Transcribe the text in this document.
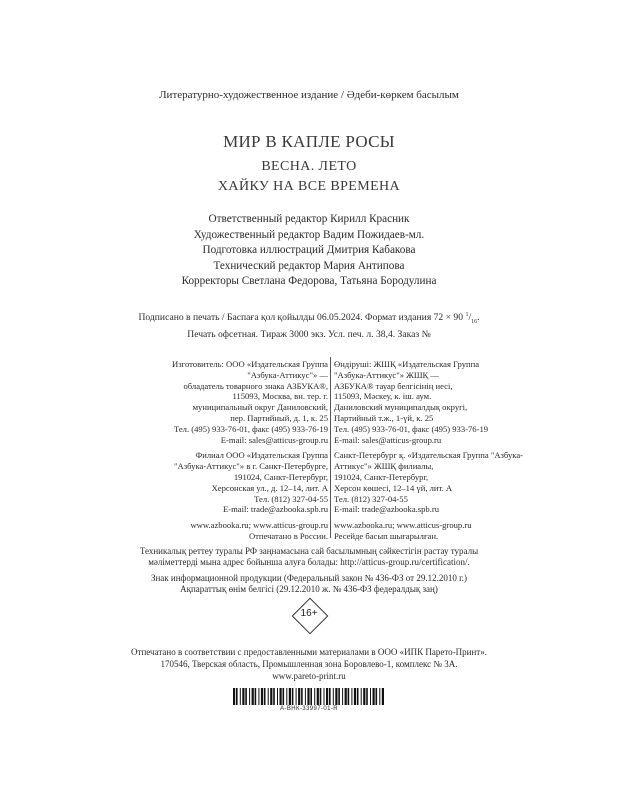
Литературно-художественное издание / Әдеби-көркем басылым
МИР В КАПЛЕ РОСЫ
ВЕСНА. ЛЕТО
ХАЙКУ НА ВСЕ ВРЕМЕНА
Ответственный редактор Кирилл Красник
Художественный редактор Вадим Пожидаев-мл.
Подготовка иллюстраций Дмитрия Кабакова
Технический редактор Мария Антипова
Корректоры Светлана Федорова, Татьяна Бородулина
Подписано в печать / Баспаға қол қойылды 06.05.2024. Формат издания 72 × 90 $^1/_{16}$.
Печать офсетная. Тираж 3000 экз. Усл. печ. л. 38,4. Заказ №
Изготовитель: ООО «Издательская Группа
"Азбука-Аттикус"» —
обладатель товарного знака АЗБУКА®,
115093, Москва, вн. тер. г.
муниципальный округ Даниловский,
пер. Партийный, д. 1, к. 25
Тел. (495) 933-76-01, факс (495) 933-76-19
E-mail: sales@atticus-group.ru
Филиал ООО «Издательская Группа
"Азбука-Аттикус"» в г. Санкт-Петербурге,
191024, Санкт-Петербург,
Херсонская ул., д. 12–14, лит. А
Тел. (812) 327-04-55
E-mail: trade@azbooka.spb.ru
www.azbooka.ru; www.atticus-group.ru
Отпечатано в России.
Өндіруші: ЖШҚ «Издательская Группа
"Азбука-Аттикус"» ЖШҚ —
АЗБУКА® тауар белгісінің иесі,
115093, Мәскеу, к. іш. аум.
Даниловский муниципалдық округі,
Партийный т.ж., 1-үй, к. 25
Тел. (495) 933-76-01, факс (495) 933-76-19
E-mail: sales@atticus-group.ru
Санкт-Петербург қ. «Издательская Группа "Азбука-
Аттикус"» ЖШҚ филиалы,
191024, Санкт-Петербург,
Херсон көшесі, 12–14 үй, лит. А
Тел. (812) 327-04-55
E-mail: trade@azbooka.spb.ru
www.azbooka.ru; www.atticus-group.ru
Ресейде басып шығарылған.
Техникалық реттеу туралы РФ заңнамасына сай басылымның сәйкестігін растау туралы
мәліметтерді мына адрес бойынша алуға болады: http://atticus-group.ru/certification/.
Знак информационной продукции (Федеральный закон № 436-ФЗ от 29.12.2010 г.)
Ақпараттық өнім белгісі (29.12.2010 ж. № 436-ФЗ федералдық заң)
16+
Отпечатано в соответствии с предоставленными материалами в ООО «ИПК Парето-Принт».
170546, Тверская область, Промышленная зона Боровлево-1, комплекс № 3А.
www.pareto-print.ru
А-ВНК-33997-01-R
